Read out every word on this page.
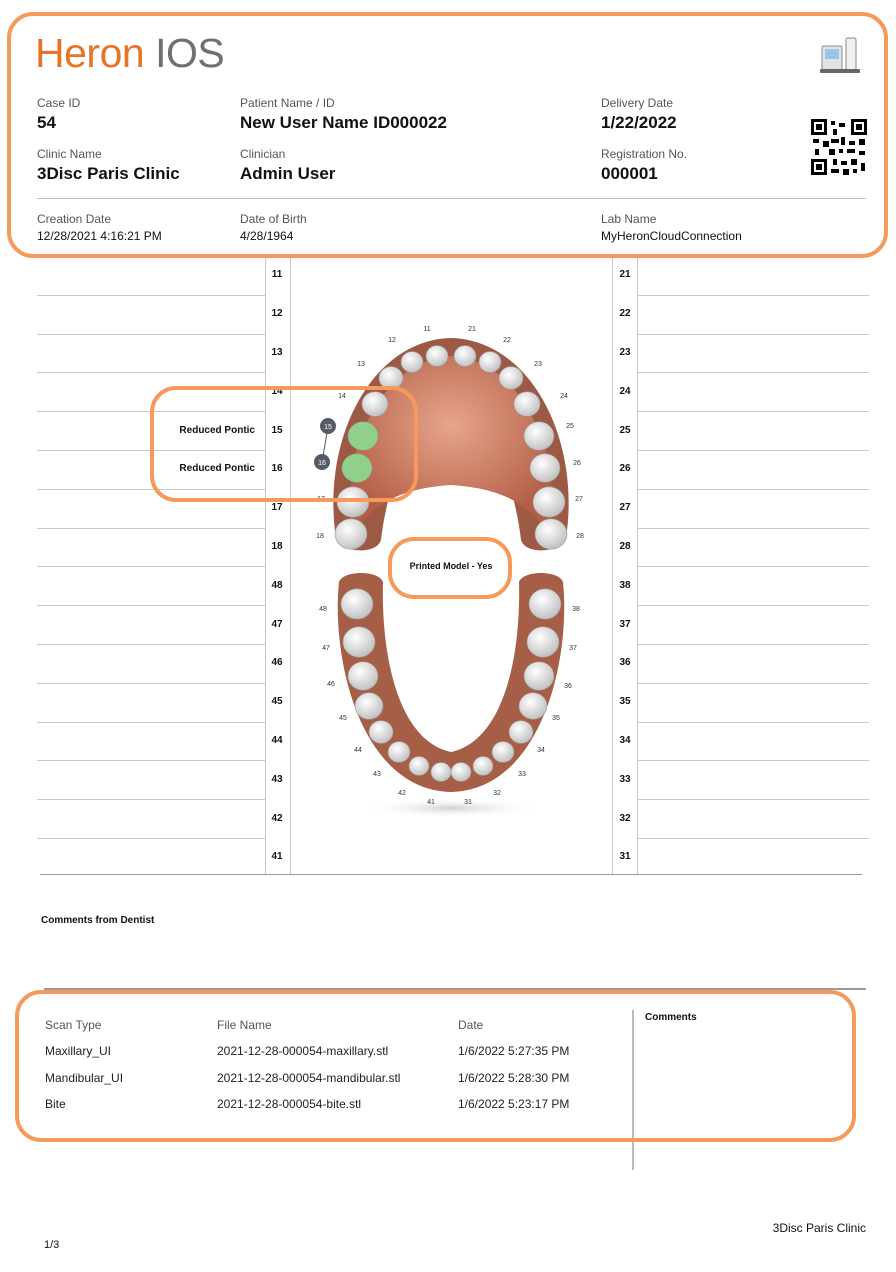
Heron IOS
Case ID
54
Patient Name / ID
New User Name ID000022
Delivery Date
1/22/2022
Clinic Name
3Disc Paris Clinic
Clinician
Admin User
Registration No.
000001
Creation Date
12/28/2021 4:16:21 PM
Date of Birth
4/28/1964
Lab Name
MyHeronCloudConnection
11	21
12	22
13	23
14	24
15	25
Reduced Pontic
16	26
Reduced Pontic
17	27
18	28
48	38
47	37
46	36
45	35
44	34
43	33
42	32
41	31
11
12
13
14
17
18
21
22
23
24
25
26
27
28
31
32
33
34
35
36
37
38
41
42
43
44
45
46
47
48
15
16
Printed Model - Yes
Comments from Dentist
Scan Type	File Name	Date
Maxillary_UI	2021-12-28-000054-maxillary.stl	1/6/2022 5:27:35 PM
Mandibular_UI	2021-12-28-000054-mandibular.stl	1/6/2022 5:28:30 PM
Bite	2021-12-28-000054-bite.stl	1/6/2022 5:23:17 PM
Comments
1/3
3Disc Paris Clinic
